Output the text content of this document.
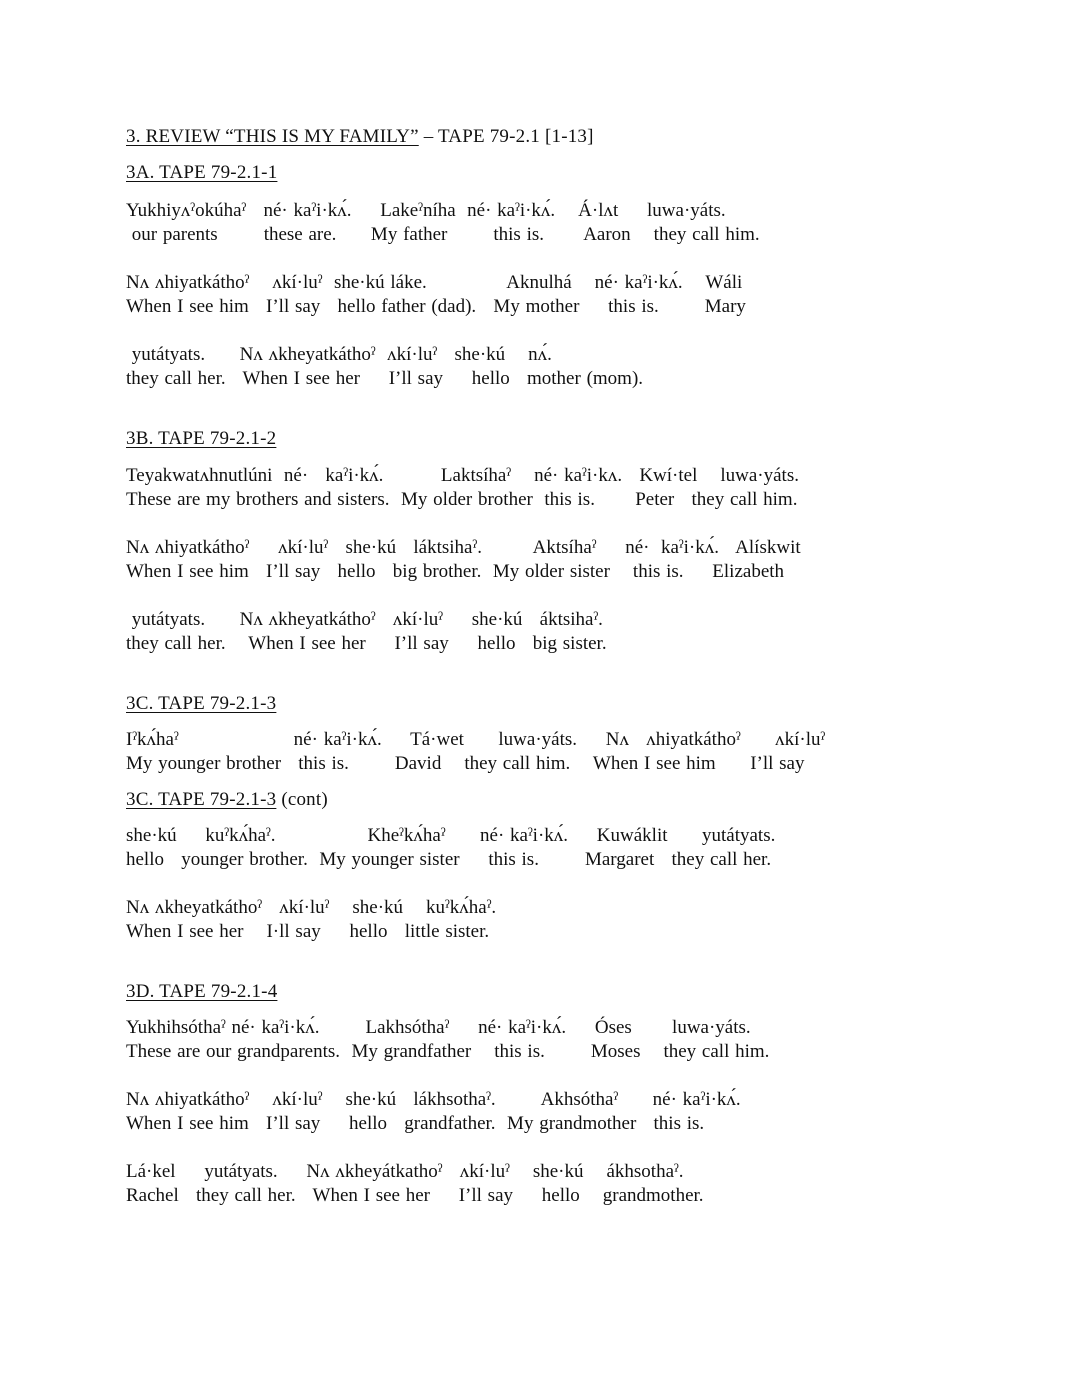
3. REVIEW “THIS IS MY FAMILY” – TAPE 79-2.1 [1-13]
3A. TAPE 79-2.1-1
Yukhiyʌˀokúhaˀ   né· kaˀi·kʌ́.     Lakeˀníha  né· kaˀi·kʌ́.    Á·lʌt     luwa·yáts.
our parents        these are.      My father        this is.       Aaron    they call him.
Nʌ ʌhiyatkáthoˀ    ʌkí·luˀ  she·kú láke.              Aknulhá    né· kaˀi·kʌ́.    Wáli
When I see him   I’ll say   hello father (dad).   My mother     this is.        Mary
yutátyats.      Nʌ ʌkheyatkáthoˀ  ʌkí·luˀ   she·kú    nʌ́.
they call her.   When I see her     I’ll say     hello   mother (mom).
3B. TAPE 79-2.1-2
Teyakwatʌhnutlúni  né·   kaˀi·kʌ́.          Laktsíhaˀ    né· kaˀi·kʌ.   Kwí·tel    luwa·yáts.
These are my brothers and sisters.  My older brother  this is.       Peter   they call him.
Nʌ ʌhiyatkáthoˀ     ʌkí·luˀ   she·kú   láktsihaˀ.         Aktsíhaˀ     né·  kaˀi·kʌ́.   Alískwit
When I see him   I’ll say   hello   big brother.  My older sister    this is.     Elizabeth
yutátyats.      Nʌ ʌkheyatkáthoˀ   ʌkí·luˀ     she·kú   áktsihaˀ.
they call her.    When I see her     I’ll say     hello   big sister.
3C. TAPE 79-2.1-3
Iˀkʌ́haˀ                    né· kaˀi·kʌ́.     Tá·wet      luwa·yáts.     Nʌ   ʌhiyatkáthoˀ      ʌkí·luˀ
My younger brother   this is.        David    they call him.    When I see him      I’ll say
3C. TAPE 79-2.1-3 (cont)
she·kú     kuˀkʌ́haˀ.                Kheˀkʌ́haˀ      né· kaˀi·kʌ́.     Kuwáklit      yutátyats.
hello   younger brother.  My younger sister     this is.        Margaret   they call her.
Nʌ ʌkheyatkáthoˀ   ʌkí·luˀ    she·kú    kuˀkʌ́haˀ.
When I see her    I·ll say     hello   little sister.
3D. TAPE 79-2.1-4
Yukhihsóthaˀ né· kaˀi·kʌ́.        Lakhsóthaˀ     né· kaˀi·kʌ́.     Óses       luwa·yáts.
These are our grandparents.  My grandfather    this is.        Moses    they call him.
Nʌ ʌhiyatkáthoˀ    ʌkí·luˀ    she·kú   lákhsothaˀ.        Akhsóthaˀ      né· kaˀi·kʌ́.
When I see him   I’ll say     hello   grandfather.  My grandmother   this is.
Lá·kel     yutátyats.     Nʌ ʌkheyátkathoˀ   ʌkí·luˀ    she·kú    ákhsothaˀ.
Rachel   they call her.   When I see her     I’ll say     hello    grandmother.
